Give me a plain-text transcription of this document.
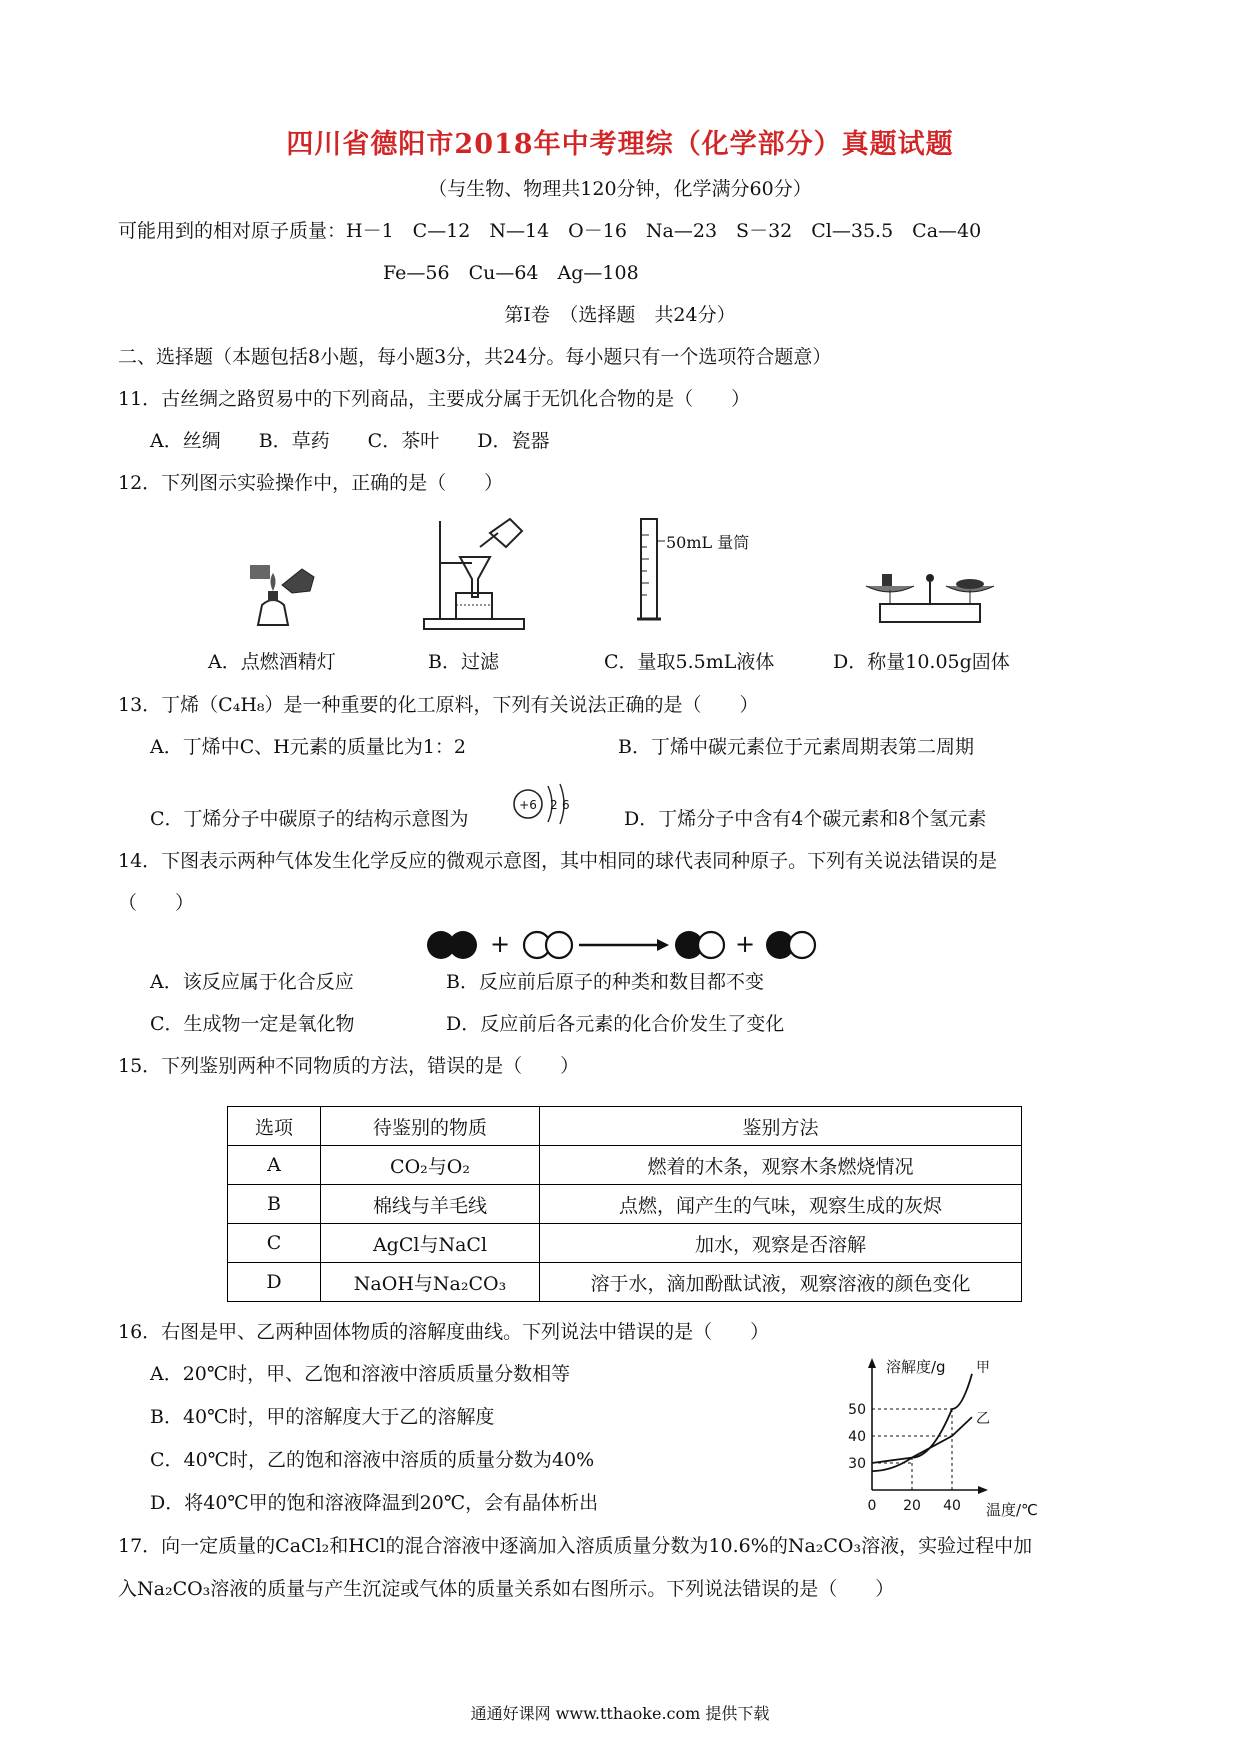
四川省德阳市2018年中考理综（化学部分）真题试题
（与生物、物理共120分钟，化学满分60分）
可能用到的相对原子质量：H－1　C—12　N—14　O－16　Na—23　S－32　Cl—35.5　Ca—40
Fe—56　Cu—64　Ag—108
第Ⅰ卷　（选择题　共24分）
二、选择题（本题包括8小题，每小题3分，共24分。每小题只有一个选项符合题意）
11．古丝绸之路贸易中的下列商品，主要成分属于无饥化合物的是（　　）
A．丝绸　　B．草药　　C．茶叶　　D．瓷器
12．下列图示实验操作中，正确的是（　　）
50mL 量筒
A．点燃酒精灯	B．过滤	C．量取5.5mL液体	D．称量10.05g固体
13．丁烯（C₄H₈）是一种重要的化工原料，下列有关说法正确的是（　　）
A．丁烯中C、H元素的质量比为1：2	B．丁烯中碳元素位于元素周期表第二周期
C．丁烯分子中碳原子的结构示意图为
+6 2 6
D．丁烯分子中含有4个碳元素和8个氢元素
14．下图表示两种气体发生化学反应的微观示意图，其中相同的球代表同种原子。下列有关说法错误的是
（　　）
+	+
A．该反应属于化合反应	B．反应前后原子的种类和数目都不变
C．生成物一定是氧化物	D．反应前后各元素的化合价发生了变化
15．下列鉴别两种不同物质的方法，错误的是（　　）
选项	待鉴别的物质	鉴别方法
A	CO₂与O₂	燃着的木条，观察木条燃烧情况
B	棉线与羊毛线	点燃，闻产生的气味，观察生成的灰烬
C	AgCl与NaCl	加水，观察是否溶解
D	NaOH与Na₂CO₃	溶于水，滴加酚酞试液，观察溶液的颜色变化
16．右图是甲、乙两种固体物质的溶解度曲线。下列说法中错误的是（　　）
A．20℃时，甲、乙饱和溶液中溶质质量分数相等
B．40℃时，甲的溶解度大于乙的溶解度
C．40℃时，乙的饱和溶液中溶质的质量分数为40%
D．将40℃甲的饱和溶液降温到20℃，会有晶体析出
溶解度/g
温度/℃
30
40
50
0 20 40
甲
乙
17．向一定质量的CaCl₂和HCl的混合溶液中逐滴加入溶质质量分数为10.6%的Na₂CO₃溶液，实验过程中加
入Na₂CO₃溶液的质量与产生沉淀或气体的质量关系如右图所示。下列说法错误的是（　　）
通通好课网 www.tthaoke.com 提供下载
